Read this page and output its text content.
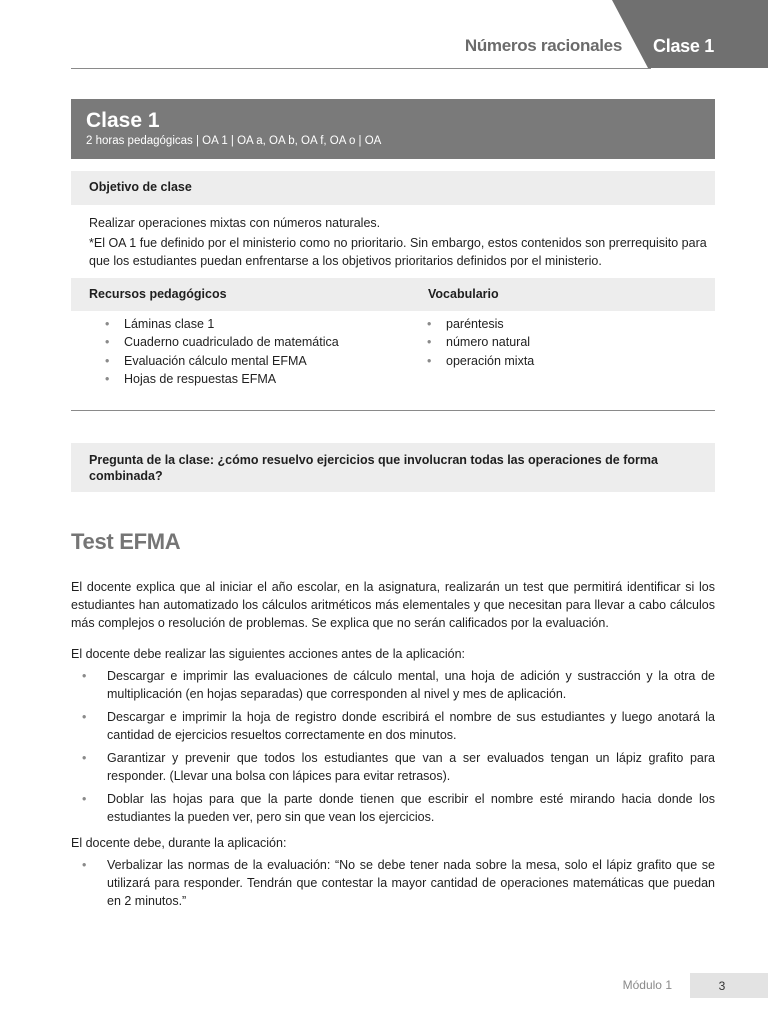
Números racionales Clase 1
Clase 1
2 horas pedagógicas | OA 1 | OA a, OA b, OA f, OA o | OA
Objetivo de clase

Realizar operaciones mixtas con números naturales.

*El OA 1 fue definido por el ministerio como no prioritario. Sin embargo, estos contenidos son prerrequisito para que los estudiantes puedan enfrentarse a los objetivos prioritarios definidos por el ministerio.

Recursos pedagógicos	Vocabulario
• Láminas clase 1
• Cuaderno cuadriculado de matemática
• Evaluación cálculo mental EFMA
• Hojas de respuestas EFMA
• paréntesis
• número natural
• operación mixta
Pregunta de la clase: ¿cómo resuelvo ejercicios que involucran todas las operaciones de forma combinada?
Test EFMA

El docente explica que al iniciar el año escolar, en la asignatura, realizarán un test que permitirá identificar si los estudiantes han automatizado los cálculos aritméticos más elementales y que necesitan para llevar a cabo cálculos más complejos o resolución de problemas. Se explica que no serán calificados por la evaluación.

El docente debe realizar las siguientes acciones antes de la aplicación:

• Descargar e imprimir las evaluaciones de cálculo mental, una hoja de adición y sustracción y la otra de multiplicación (en hojas separadas) que corresponden al nivel y mes de aplicación.
• Descargar e imprimir la hoja de registro donde escribirá el nombre de sus estudiantes y luego anotará la cantidad de ejercicios resueltos correctamente en dos minutos.
• Garantizar y prevenir que todos los estudiantes que van a ser evaluados tengan un lápiz grafito para responder. (Llevar una bolsa con lápices para evitar retrasos).
• Doblar las hojas para que la parte donde tienen que escribir el nombre esté mirando hacia donde los estudiantes la pueden ver, pero sin que vean los ejercicios.

El docente debe, durante la aplicación:

• Verbalizar las normas de la evaluación: “No se debe tener nada sobre la mesa, solo el lápiz grafito que se utilizará para responder. Tendrán que contestar la mayor cantidad de operaciones matemáticas que puedan en 2 minutos.”
Módulo 1	3
